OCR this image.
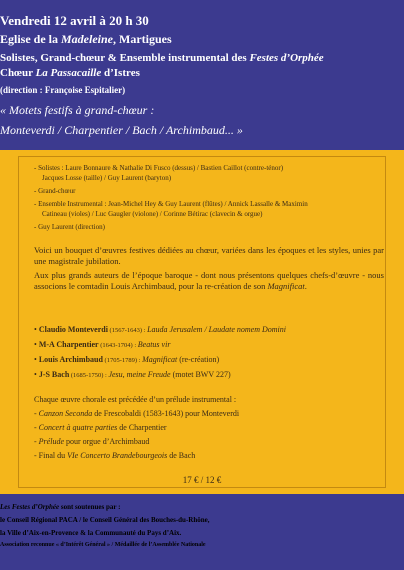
Vendredi 12 avril à 20 h 30
Eglise de la Madeleine, Martigues
Solistes, Grand-chœur & Ensemble instrumental des Festes d’Orphée
Chœur La Passacaille d’Istres
(direction : Françoise Espitalier)
« Motets festifs à grand-chœur :
Monteverdi / Charpentier / Bach / Archimbaud... »
- Solistes : Laure Bonnaure & Nathalie Di Fusco (dessus) / Bastien Caillot (contre-ténor)
Jacques Losse (taille) / Guy Laurent (baryton)
- Grand-chœur
- Ensemble Instrumental : Jean-Michel Hey & Guy Laurent (flûtes) / Annick Lassalle & Maximin
Catineau (violes) / Luc Gaugler (violone) / Corinne Bétirac (clavecin & orgue)
- Guy Laurent (direction)
Voici un bouquet d’œuvres festives dédiées au chœur, variées dans les époques et les styles, unies par une magistrale jubilation.
Aux plus grands auteurs de l’époque baroque - dont nous présentons quelques chefs-d’œuvre - nous associons le comtadin Louis Archimbaud, pour la re-création de son Magnificat.
• Claudio Monteverdi (1567-1643) : Lauda Jerusalem / Laudate nomem Domini
• M-A Charpentier (1643-1704) : Beatus vir
• Louis Archimbaud (1705-1789) : Magnificat (re-création)
• J-S Bach (1685-1750) : Jesu, meine Freude (motet BWV 227)
Chaque œuvre chorale est précédée d’un prélude instrumental :
- Canzon Seconda de Frescobaldi (1583-1643) pour Monteverdi
- Concert à quatre parties de Charpentier
- Prélude pour orgue d’Archimbaud
- Final du VIe Concerto Brandebourgeois de Bach
17 € / 12 €
Les Festes d’Orphée sont soutenues par :
le Conseil Régional PACA / le Conseil Général des Bouches-du-Rhône,
la Ville d’Aix-en-Provence & la Communauté du Pays d’Aix.
Association reconnue « d’Intérêt Général » / Médaillée de l’Assemblée Nationale
